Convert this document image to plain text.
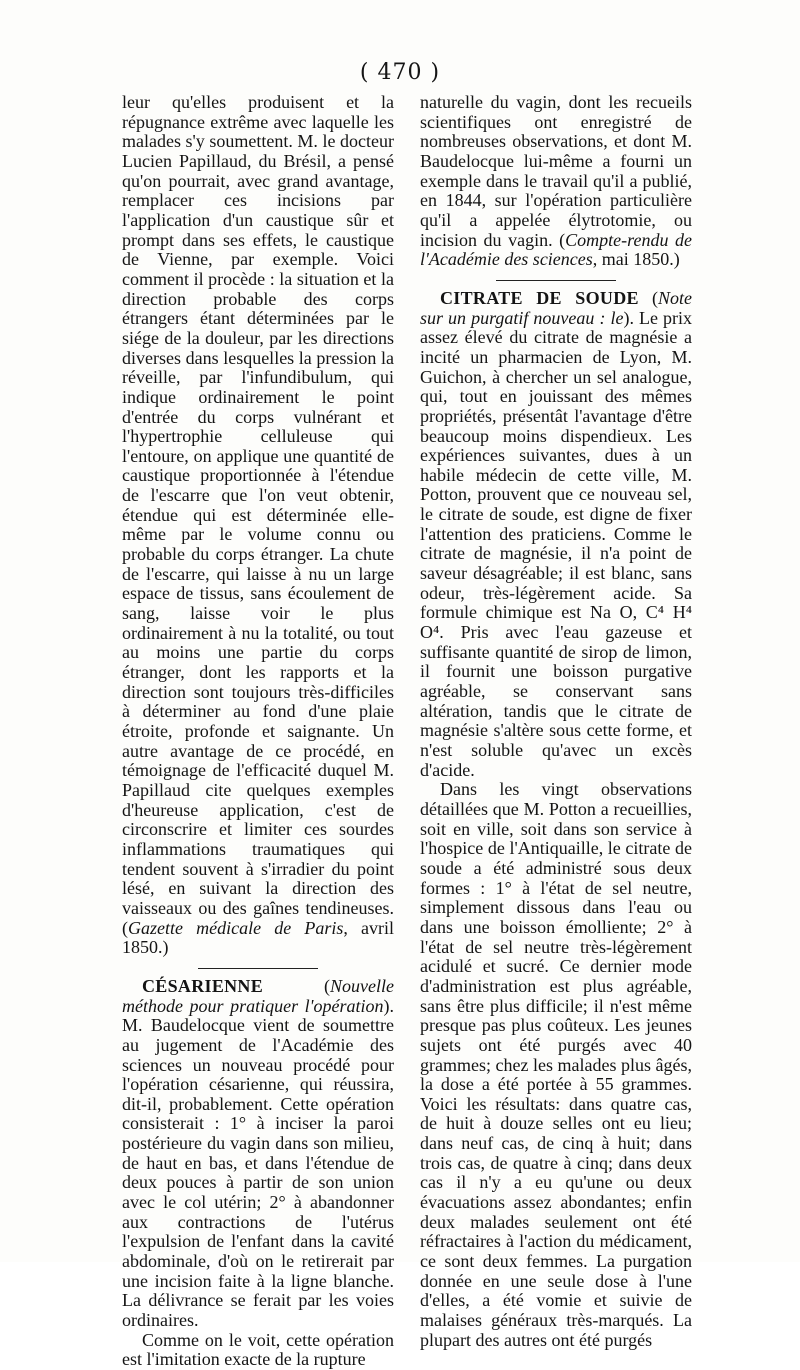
( 470 )

leur qu'elles produisent et la répugnance extrême avec laquelle les malades s'y soumettent. M. le docteur Lucien Papillaud, du Brésil, a pensé qu'on pourrait, avec grand avantage, remplacer ces incisions par l'application d'un caustique sûr et prompt dans ses effets, le caustique de Vienne, par exemple. Voici comment il procède : la situation et la direction probable des corps étrangers étant déterminées par le siége de la douleur, par les directions diverses dans lesquelles la pression la réveille, par l'infundibulum, qui indique ordinairement le point d'entrée du corps vulnérant et l'hypertrophie celluleuse qui l'entoure, on applique une quantité de caustique proportionnée à l'étendue de l'escarre que l'on veut obtenir, étendue qui est déterminée elle-même par le volume connu ou probable du corps étranger. La chute de l'escarre, qui laisse à nu un large espace de tissus, sans écoulement de sang, laisse voir le plus ordinairement à nu la totalité, ou tout au moins une partie du corps étranger, dont les rapports et la direction sont toujours très-difficiles à déterminer au fond d'une plaie étroite, profonde et saignante. Un autre avantage de ce procédé, en témoignage de l'efficacité duquel M. Papillaud cite quelques exemples d'heureuse application, c'est de circonscrire et limiter ces sourdes inflammations traumatiques qui tendent souvent à s'irradier du point lésé, en suivant la direction des vaisseaux ou des gaînes tendineuses. (Gazette médicale de Paris, avril 1850.)

CÉSARIENNE (Nouvelle méthode pour pratiquer l'opération). M. Baudelocque vient de soumettre au jugement de l'Académie des sciences un nouveau procédé pour l'opération césarienne, qui réussira, dit-il, probablement. Cette opération consisterait : 1° à inciser la paroi postérieure du vagin dans son milieu, de haut en bas, et dans l'étendue de deux pouces à partir de son union avec le col utérin; 2° à abandonner aux contractions de l'utérus l'expulsion de l'enfant dans la cavité abdominale, d'où on le retirerait par une incision faite à la ligne blanche. La délivrance se ferait par les voies ordinaires.

Comme on le voit, cette opération est l'imitation exacte de la rupture

naturelle du vagin, dont les recueils scientifiques ont enregistré de nombreuses observations, et dont M. Baudelocque lui-même a fourni un exemple dans le travail qu'il a publié, en 1844, sur l'opération particulière qu'il a appelée élytrotomie, ou incision du vagin. (Compte-rendu de l'Académie des sciences, mai 1850.)

CITRATE DE SOUDE (Note sur un purgatif nouveau : le). Le prix assez élevé du citrate de magnésie a incité un pharmacien de Lyon, M. Guichon, à chercher un sel analogue, qui, tout en jouissant des mêmes propriétés, présentât l'avantage d'être beaucoup moins dispendieux. Les expériences suivantes, dues à un habile médecin de cette ville, M. Potton, prouvent que ce nouveau sel, le citrate de soude, est digne de fixer l'attention des praticiens. Comme le citrate de magnésie, il n'a point de saveur désagréable; il est blanc, sans odeur, très-légèrement acide. Sa formule chimique est Na O, C⁴ H⁴ O⁴. Pris avec l'eau gazeuse et suffisante quantité de sirop de limon, il fournit une boisson purgative agréable, se conservant sans altération, tandis que le citrate de magnésie s'altère sous cette forme, et n'est soluble qu'avec un excès d'acide.

Dans les vingt observations détaillées que M. Potton a recueillies, soit en ville, soit dans son service à l'hospice de l'Antiquaille, le citrate de soude a été administré sous deux formes : 1° à l'état de sel neutre, simplement dissous dans l'eau ou dans une boisson émolliente; 2° à l'état de sel neutre très-légèrement acidulé et sucré. Ce dernier mode d'administration est plus agréable, sans être plus difficile; il n'est même presque pas plus coûteux. Les jeunes sujets ont été purgés avec 40 grammes; chez les malades plus âgés, la dose a été portée à 55 grammes. Voici les résultats: dans quatre cas, de huit à douze selles ont eu lieu; dans neuf cas, de cinq à huit; dans trois cas, de quatre à cinq; dans deux cas il n'y a eu qu'une ou deux évacuations assez abondantes; enfin deux malades seulement ont été réfractaires à l'action du médicament, ce sont deux femmes. La purgation donnée en une seule dose à l'une d'elles, a été vomie et suivie de malaises généraux très-marqués. La plupart des autres ont été purgés
